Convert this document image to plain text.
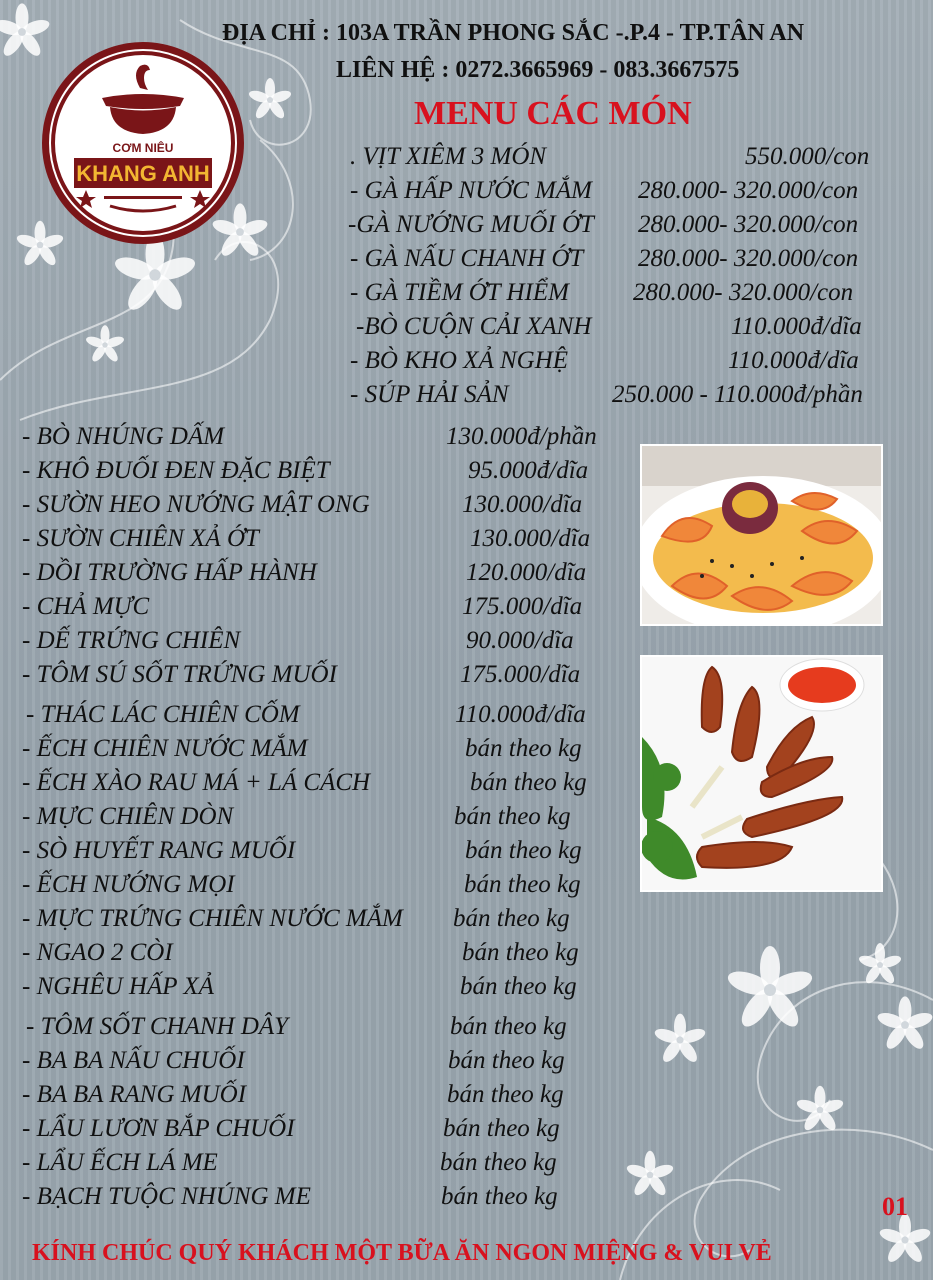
CƠM NIÊU
KHANG ANH
ĐỊA CHỈ : 103A TRẦN PHONG SẮC -.P.4 - TP.TÂN AN
LIÊN HỆ : 0272.3665969 - 083.3667575
MENU CÁC MÓN
. VỊT XIÊM 3 MÓN	550.000/con
- GÀ HẤP NƯỚC MẮM 280.000- 320.000/con
-GÀ NƯỚNG MUỐI ỚT 280.000- 320.000/con
- GÀ NẤU CHANH ỚT 280.000- 320.000/con
- GÀ TIỀM ỚT HIỂM	280.000- 320.000/con
-BÒ CUỘN CẢI XANH	110.000đ/dĩa
- BÒ KHO XẢ NGHỆ	110.000đ/dĩa
- SÚP HẢI SẢN	250.000 - 110.000đ/phần
- BÒ NHÚNG DẤM	130.000đ/phần
- KHÔ ĐUỐI ĐEN ĐẶC BIỆT	95.000đ/dĩa
- SƯỜN HEO NƯỚNG MẬT ONG	130.000/dĩa
- SƯỜN CHIÊN XẢ ỚT	130.000/dĩa
- DỒI TRƯỜNG HẤP HÀNH	120.000/dĩa
- CHẢ MỰC	175.000/dĩa
- DẾ TRỨNG CHIÊN	90.000/dĩa
- TÔM SÚ SỐT TRỨNG MUỐI	175.000/dĩa
- THÁC LÁC CHIÊN CỐM	110.000đ/dĩa
- ẾCH CHIÊN NƯỚC MẮM	bán theo kg
- ẾCH XÀO RAU MÁ + LÁ CÁCH	bán theo kg
- MỰC CHIÊN DÒN	bán theo kg
- SÒ HUYẾT RANG MUỐI	bán theo kg
- ẾCH NƯỚNG MỌI	bán theo kg
- MỰC TRỨNG CHIÊN NƯỚC MẮM bán theo kg
- NGAO 2 CÒI	bán theo kg
- NGHÊU HẤP XẢ	bán theo kg
- TÔM SỐT CHANH DÂY	bán theo kg
- BA BA NẤU CHUỐI	bán theo kg
- BA BA RANG MUỐI	bán theo kg
- LẨU LƯƠN BẮP CHUỐI	bán theo kg
- LẨU ẾCH LÁ ME	bán theo kg
- BẠCH TUỘC NHÚNG ME	bán theo kg	01
KÍNH CHÚC QUÝ KHÁCH MỘT BỮA ĂN NGON MIỆNG & VUI VẺ
